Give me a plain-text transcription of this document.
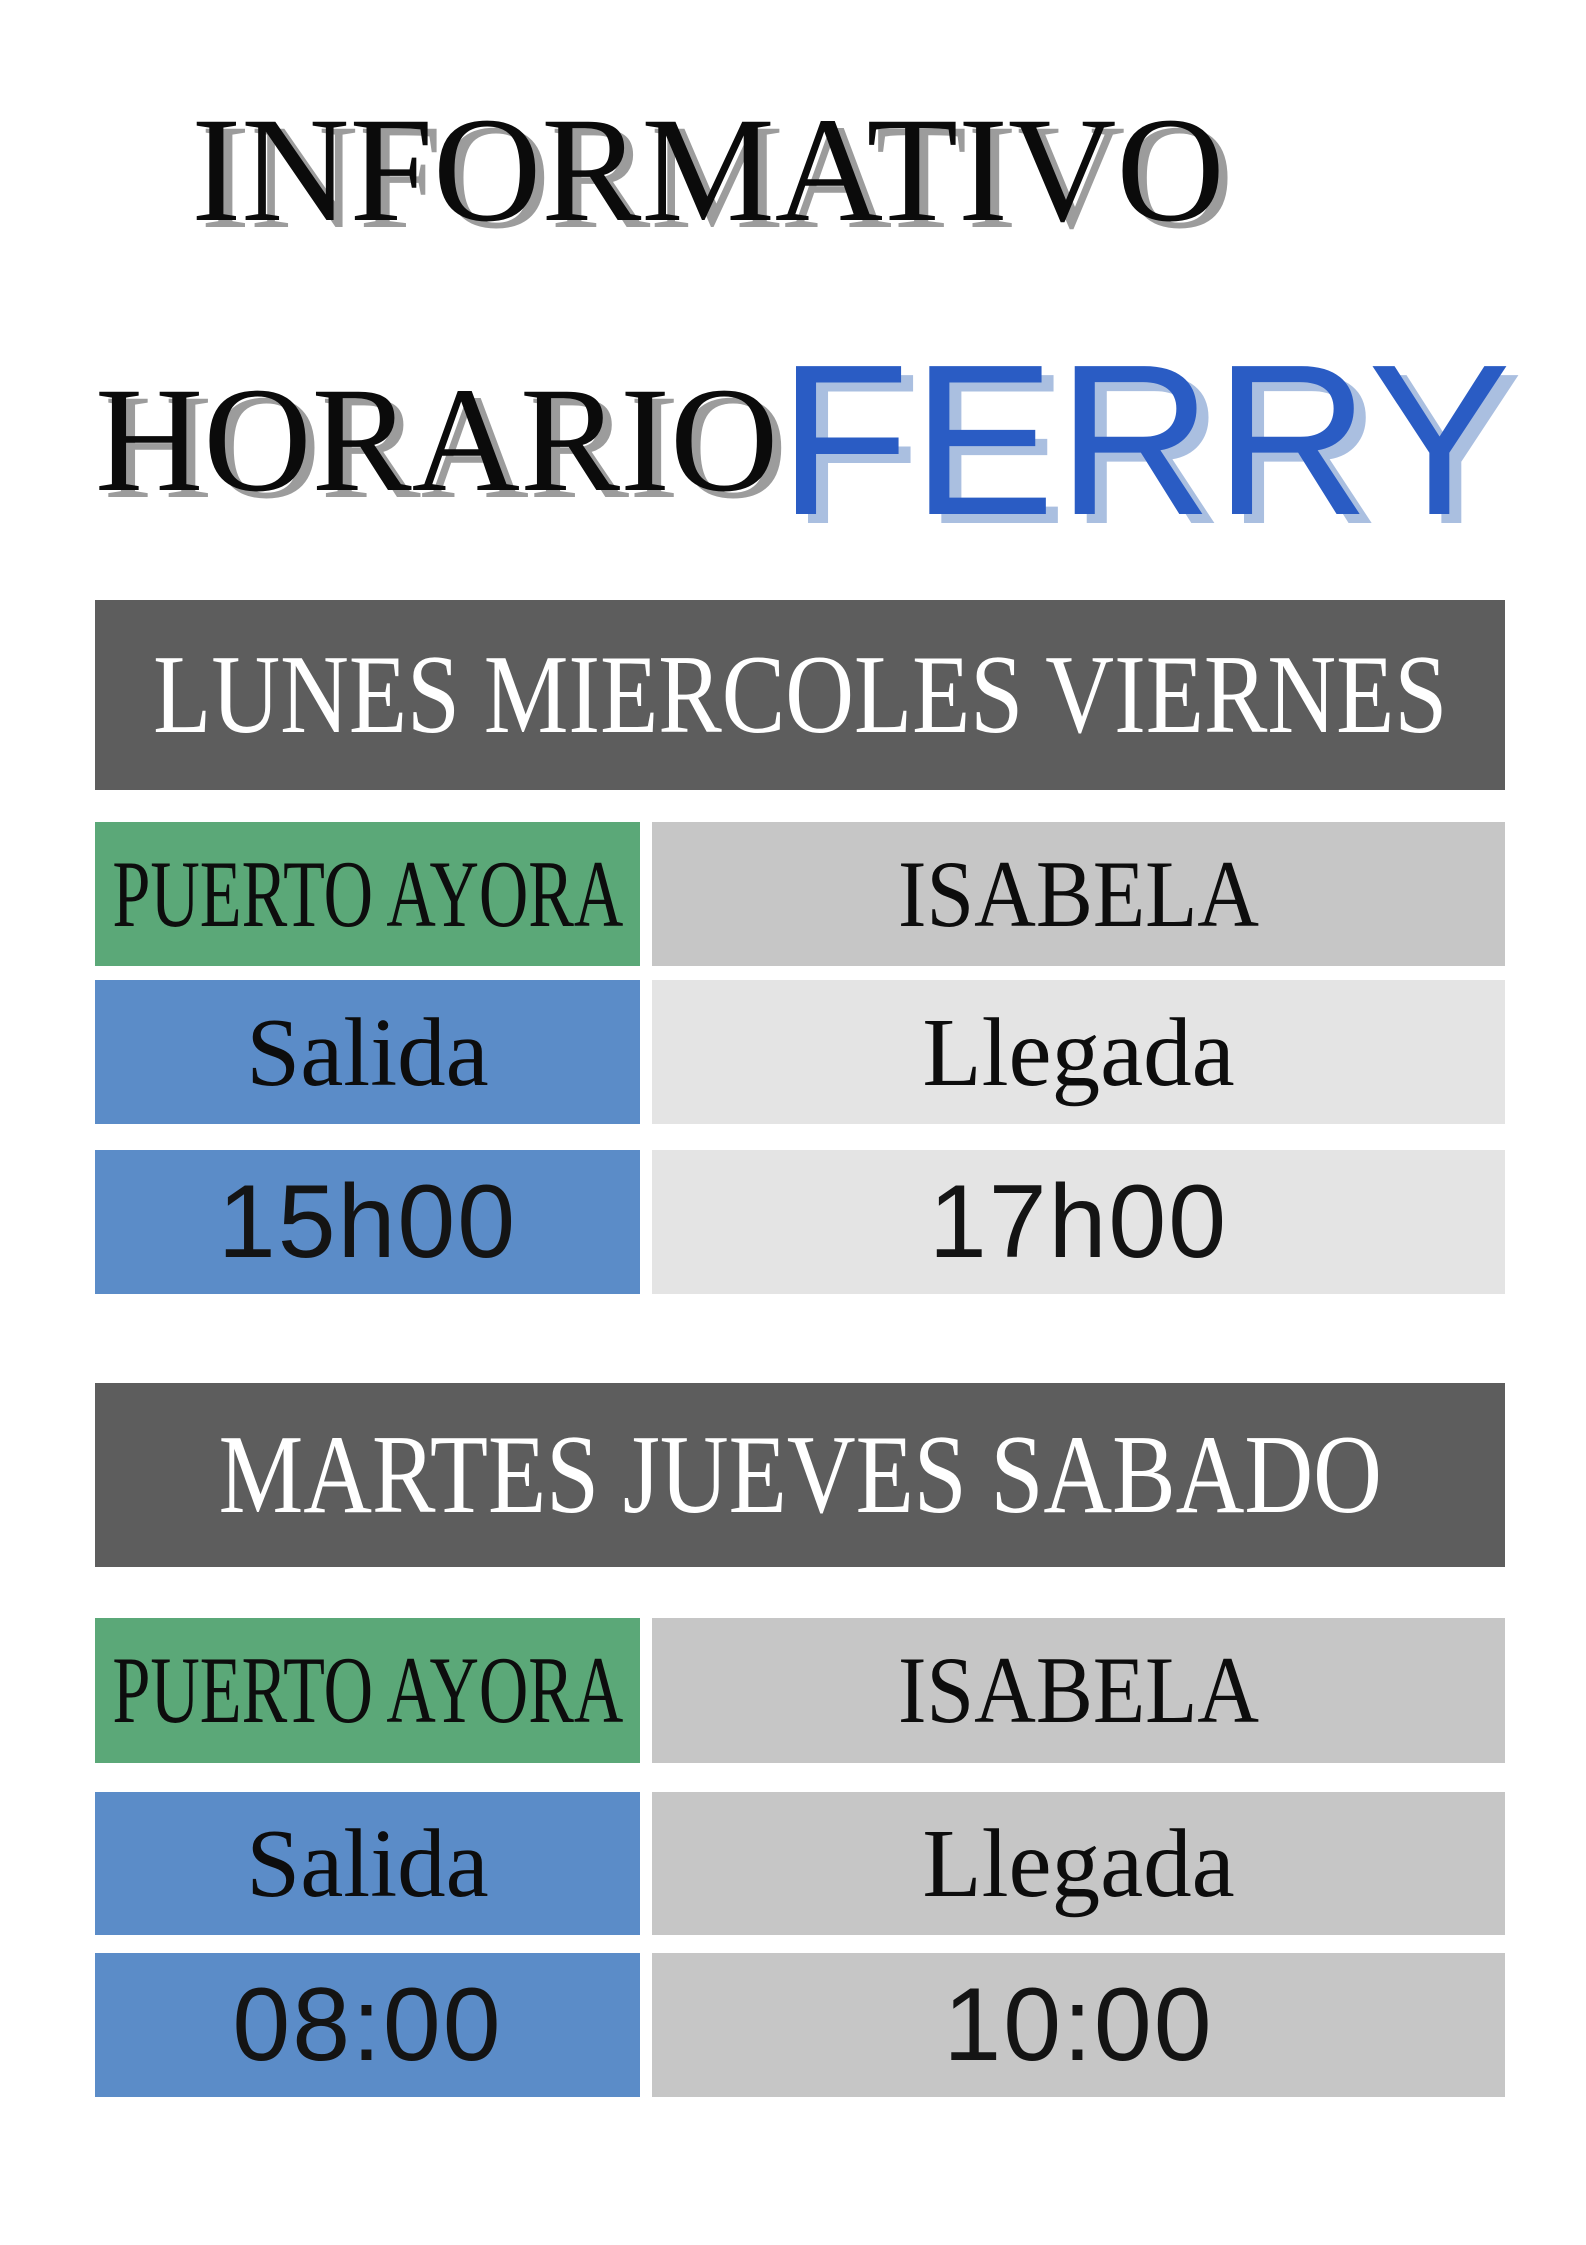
INFORMATIVO
HORARIO FERRY
LUNES MIERCOLES VIERNES
PUERTO AYORA	ISABELA
Salida	Llegada
15h00	17h00
MARTES JUEVES SABADO
PUERTO AYORA	ISABELA
Salida	Llegada
08:00	10:00
